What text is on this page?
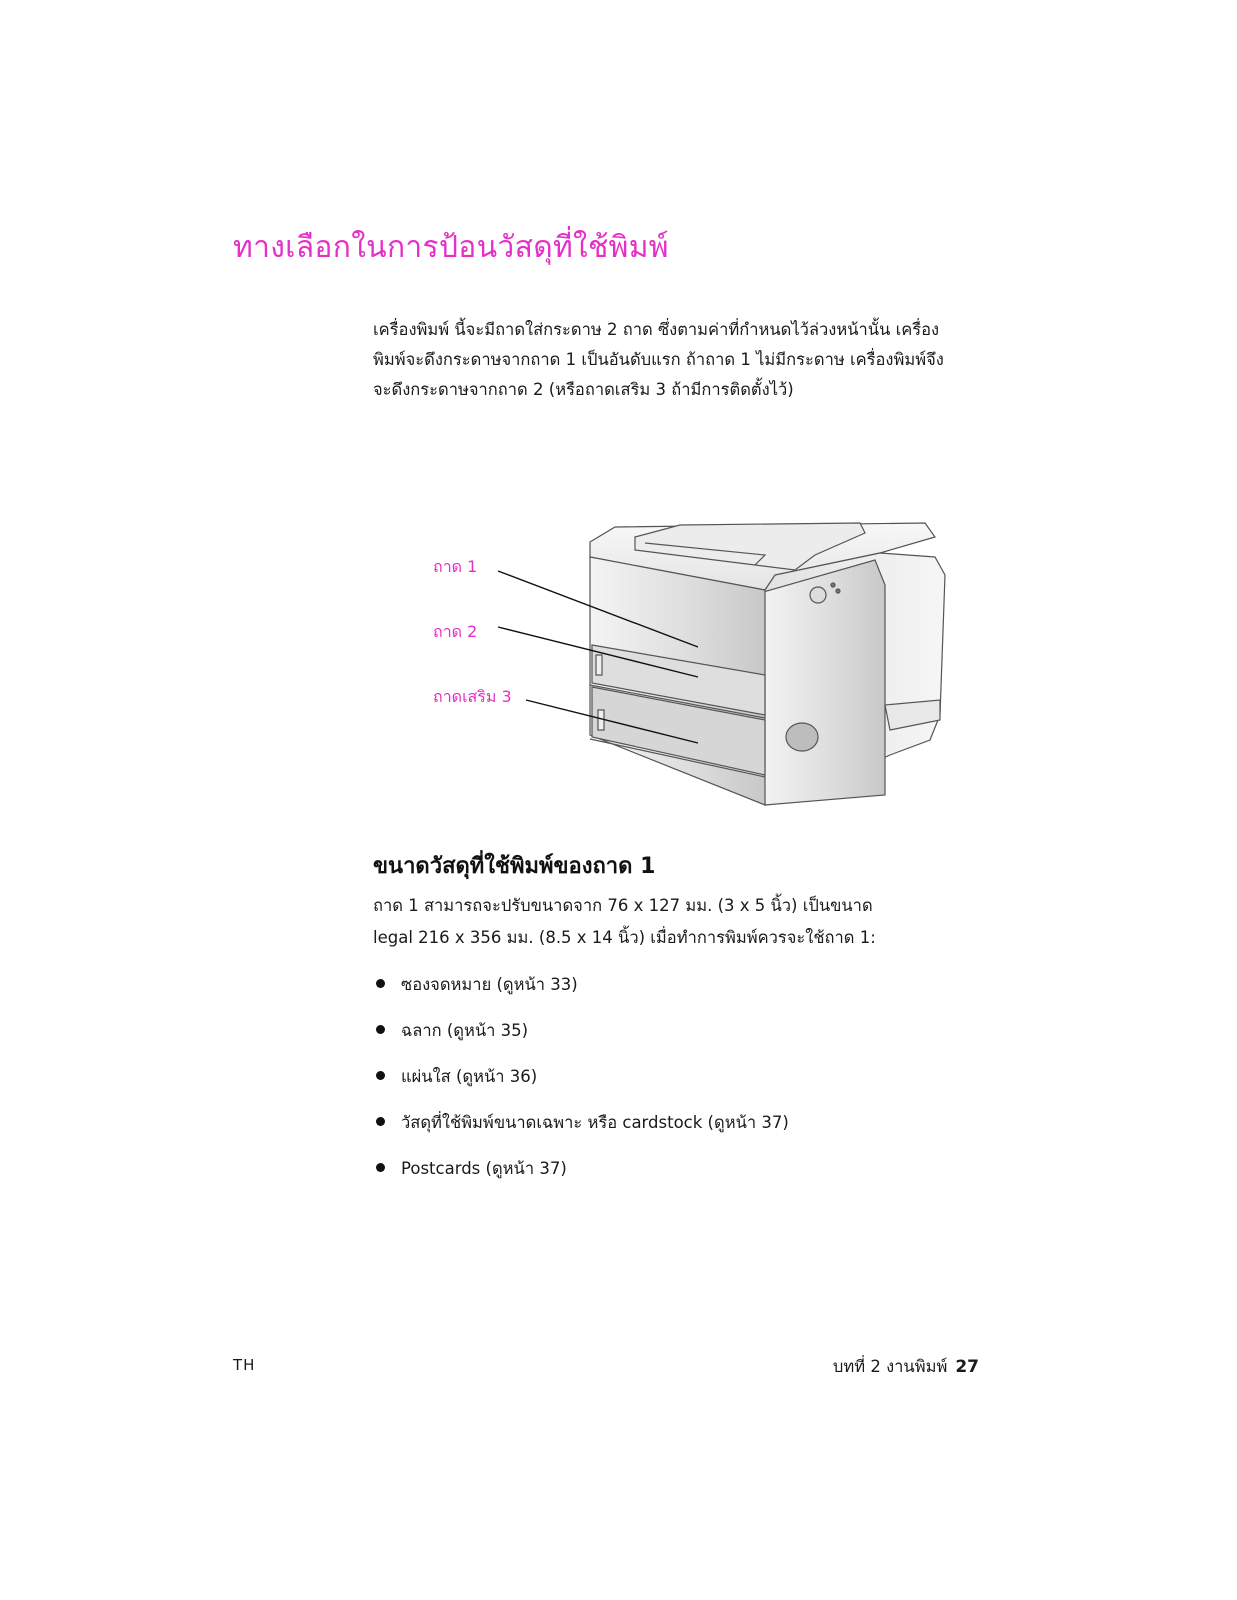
ทางเลือกในการป้อนวัสดุที่ใช้พิมพ์

เครื่องพิมพ์ นี้จะมีถาดใส่กระดาษ 2 ถาด ซึ่งตามค่าที่กำหนดไว้ล่วงหน้านั้น เครื่อง
พิมพ์จะดึงกระดาษจากถาด 1 เป็นอันดับแรก ถ้าถาด 1 ไม่มีกระดาษ เครื่องพิมพ์จึง
จะดึงกระดาษจากถาด 2 (หรือถาดเสริม 3 ถ้ามีการติดตั้งไว้)

ถาด 1
ถาด 2
ถาดเสริม 3
ขนาดวัสดุที่ใช้พิมพ์ของถาด 1

ถาด 1 สามารถจะปรับขนาดจาก 76 x 127 มม. (3 x 5 นิ้ว) เป็นขนาด
legal 216 x 356 มม. (8.5 x 14 นิ้ว) เมื่อทำการพิมพ์ควรจะใช้ถาด 1:

ซองจดหมาย (ดูหน้า 33)
ฉลาก (ดูหน้า 35)
แผ่นใส (ดูหน้า 36)
วัสดุที่ใช้พิมพ์ขนาดเฉพาะ หรือ cardstock (ดูหน้า 37)
Postcards (ดูหน้า 37)
TH	บทที่ 2 งานพิมพ์ 27
